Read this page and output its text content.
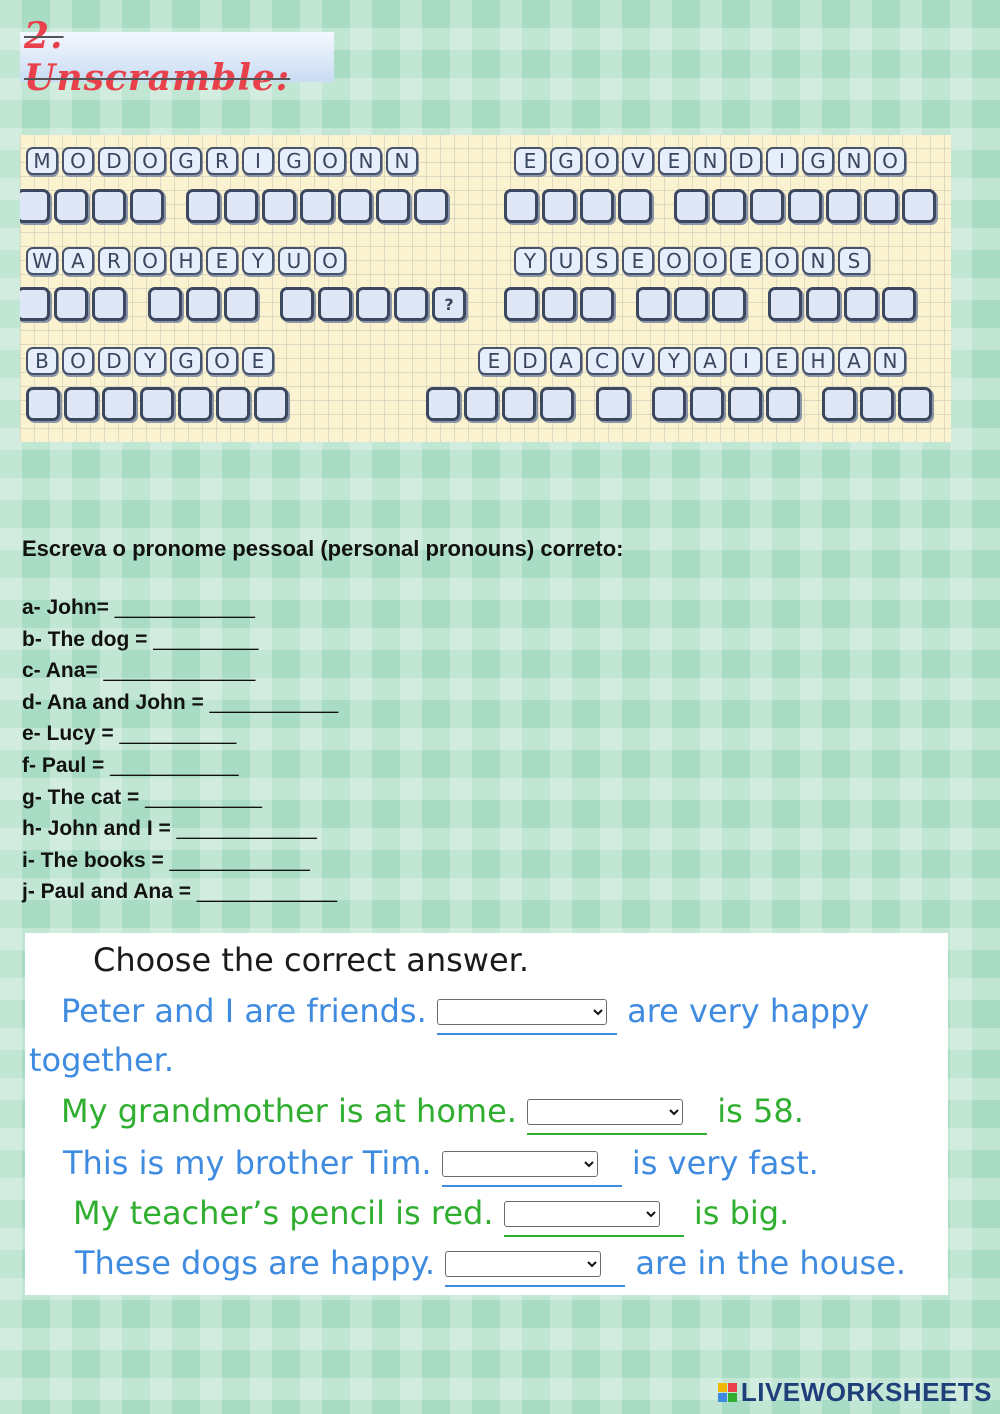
2. Unscramble:
M O	D	O	G	R	I	G	O	N	N	E	G	O	V	E	N	D	I	G	N	O
W A	R	O	H	E	Y	U	O
?
Y	U	S	E	O	O	E	O	N	S
B	O	D	Y	G	O	E	E	D	A	C	V	Y	A	I	E	H	A	N

Escreva o pronome pessoal (personal pronouns) correto:

a- John= ____________
b- The dog = _________
c- Ana= _____________
d- Ana and John = ___________
e- Lucy = __________
f- Paul = ___________
g- The cat = __________
h- John and I = ____________
i- The books = ____________
j- Paul and Ana = ____________
Choose the correct answer.
Peter and I are friends.	are very happy
together.
My grandmother is at home.	is 58.
This is my brother Tim.	is very fast.
My teacher’s pencil is red.	is big.
These dogs are happy.	are in the house.
LIVEWORKSHEETS
